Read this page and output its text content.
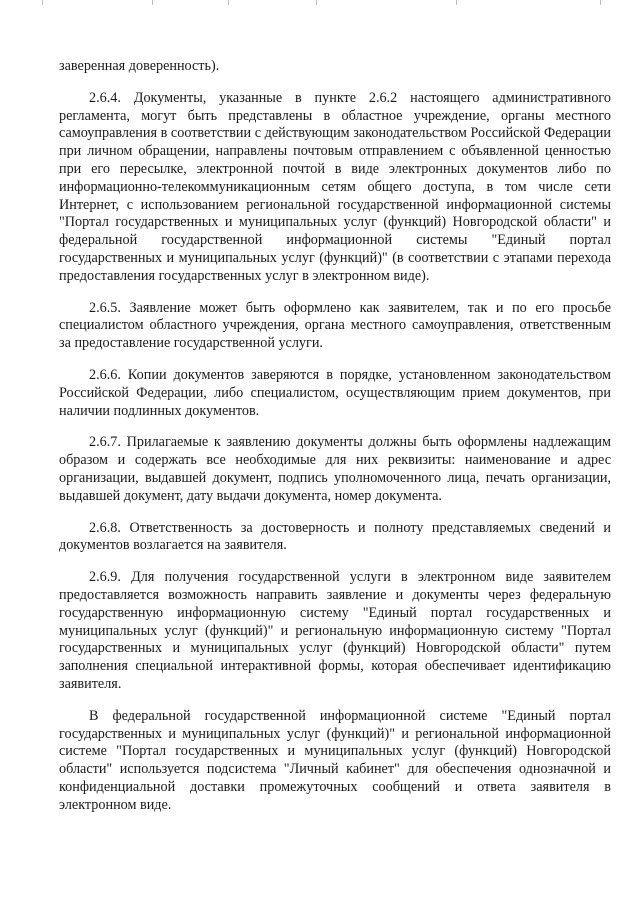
заверенная доверенность).

2.6.4. Документы, указанные в пункте 2.6.2 настоящего административного регламента, могут быть представлены в областное учреждение, органы местного самоуправления в соответствии с действующим законодательством Российской Федерации при личном обращении, направлены почтовым отправлением с объявленной ценностью при его пересылке, электронной почтой в виде электронных документов либо по информационно-телекоммуникационным сетям общего доступа, в том числе сети Интернет, с использованием региональной государственной информационной системы "Портал государственных и муниципальных услуг (функций) Новгородской области" и федеральной государственной информационной системы "Единый портал государственных и муниципальных услуг (функций)" (в соответствии с этапами перехода предоставления государственных услуг в электронном виде).

2.6.5. Заявление может быть оформлено как заявителем, так и по его просьбе специалистом областного учреждения, органа местного самоуправления, ответственным за предоставление государственной услуги.

2.6.6. Копии документов заверяются в порядке, установленном законодательством Российской Федерации, либо специалистом, осуществляющим прием документов, при наличии подлинных документов.

2.6.7. Прилагаемые к заявлению документы должны быть оформлены надлежащим образом и содержать все необходимые для них реквизиты: наименование и адрес организации, выдавшей документ, подпись уполномоченного лица, печать организации, выдавшей документ, дату выдачи документа, номер документа.

2.6.8. Ответственность за достоверность и полноту представляемых сведений и документов возлагается на заявителя.

2.6.9. Для получения государственной услуги в электронном виде заявителем предоставляется возможность направить заявление и документы через федеральную государственную информационную систему "Единый портал государственных и муниципальных услуг (функций)" и региональную информационную систему "Портал государственных и муниципальных услуг (функций) Новгородской области" путем заполнения специальной интерактивной формы, которая обеспечивает идентификацию заявителя.

В федеральной государственной информационной системе "Единый портал государственных и муниципальных услуг (функций)" и региональной информационной системе "Портал государственных и муниципальных услуг (функций) Новгородской области" используется подсистема "Личный кабинет" для обеспечения однозначной и конфиденциальной доставки промежуточных сообщений и ответа заявителя в электронном виде.
